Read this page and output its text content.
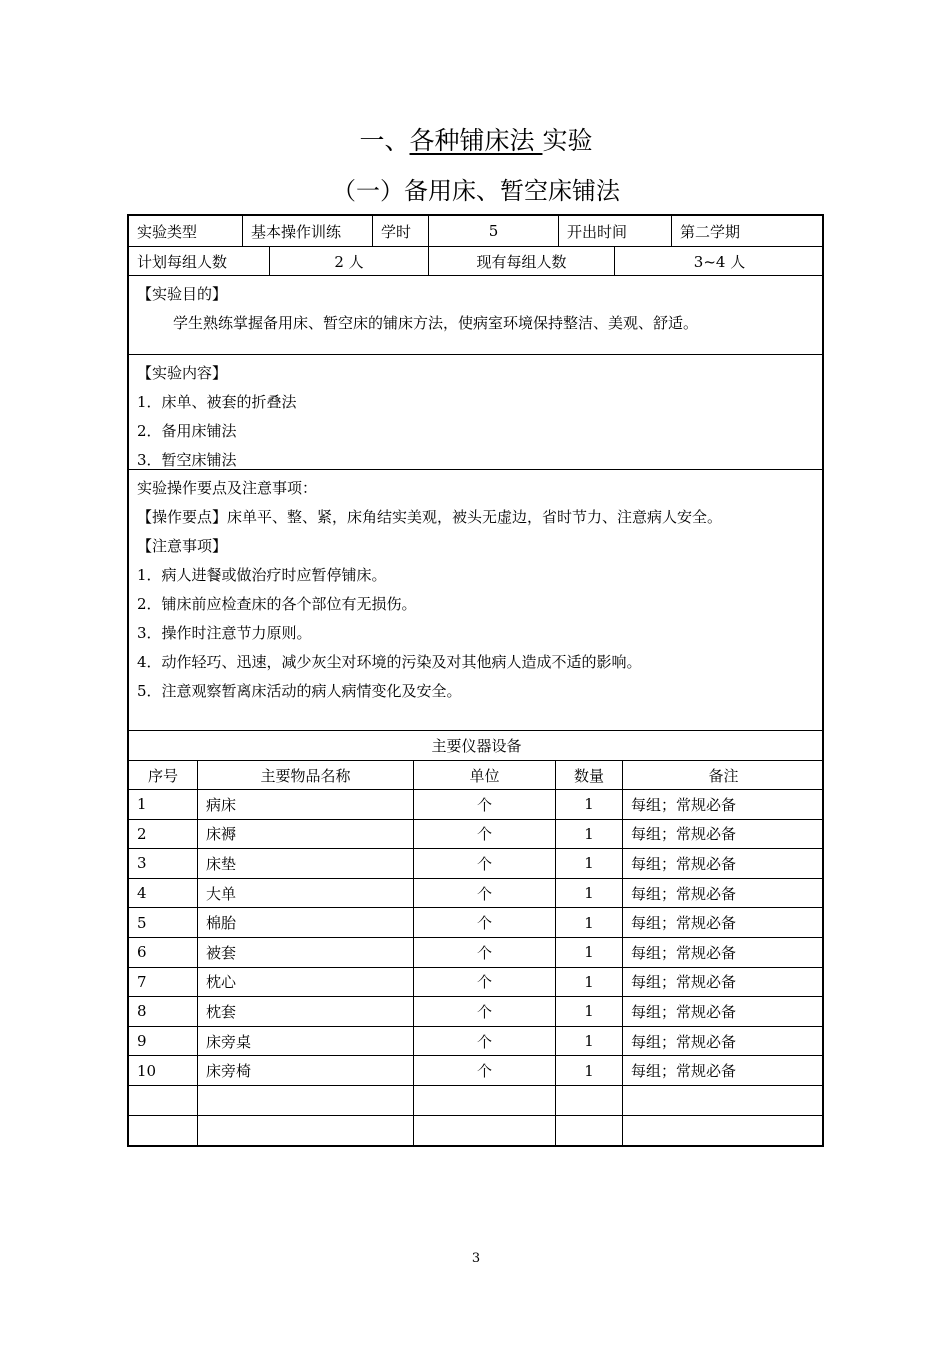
一、各种铺床法 实验
（一）备用床、暂空床铺法
实验类型	基本操作训练	学时	5	开出时间	第二学期
计划每组人数	2 人	现有每组人数	3~4 人
【实验目的】
学生熟练掌握备用床、暂空床的铺床方法，使病室环境保持整洁、美观、舒适。
【实验内容】
1．床单、被套的折叠法
2．备用床铺法
3．暂空床铺法
实验操作要点及注意事项：
【操作要点】床单平、整、紧，床角结实美观，被头无虚边，省时节力、注意病人安全。
【注意事项】
1．病人进餐或做治疗时应暂停铺床。
2．铺床前应检查床的各个部位有无损伤。
3．操作时注意节力原则。
4．动作轻巧、迅速，减少灰尘对环境的污染及对其他病人造成不适的影响。
5．注意观察暂离床活动的病人病情变化及安全。
主要仪器设备
序号	主要物品名称	单位	数量	备注
1	病床	个	1	每组；常规必备
2	床褥	个	1	每组；常规必备
3	床垫	个	1	每组；常规必备
4	大单	个	1	每组；常规必备
5	棉胎	个	1	每组；常规必备
6	被套	个	1	每组；常规必备
7	枕心	个	1	每组；常规必备
8	枕套	个	1	每组；常规必备
9	床旁桌	个	1	每组；常规必备
10	床旁椅	个	1	每组；常规必备
3
